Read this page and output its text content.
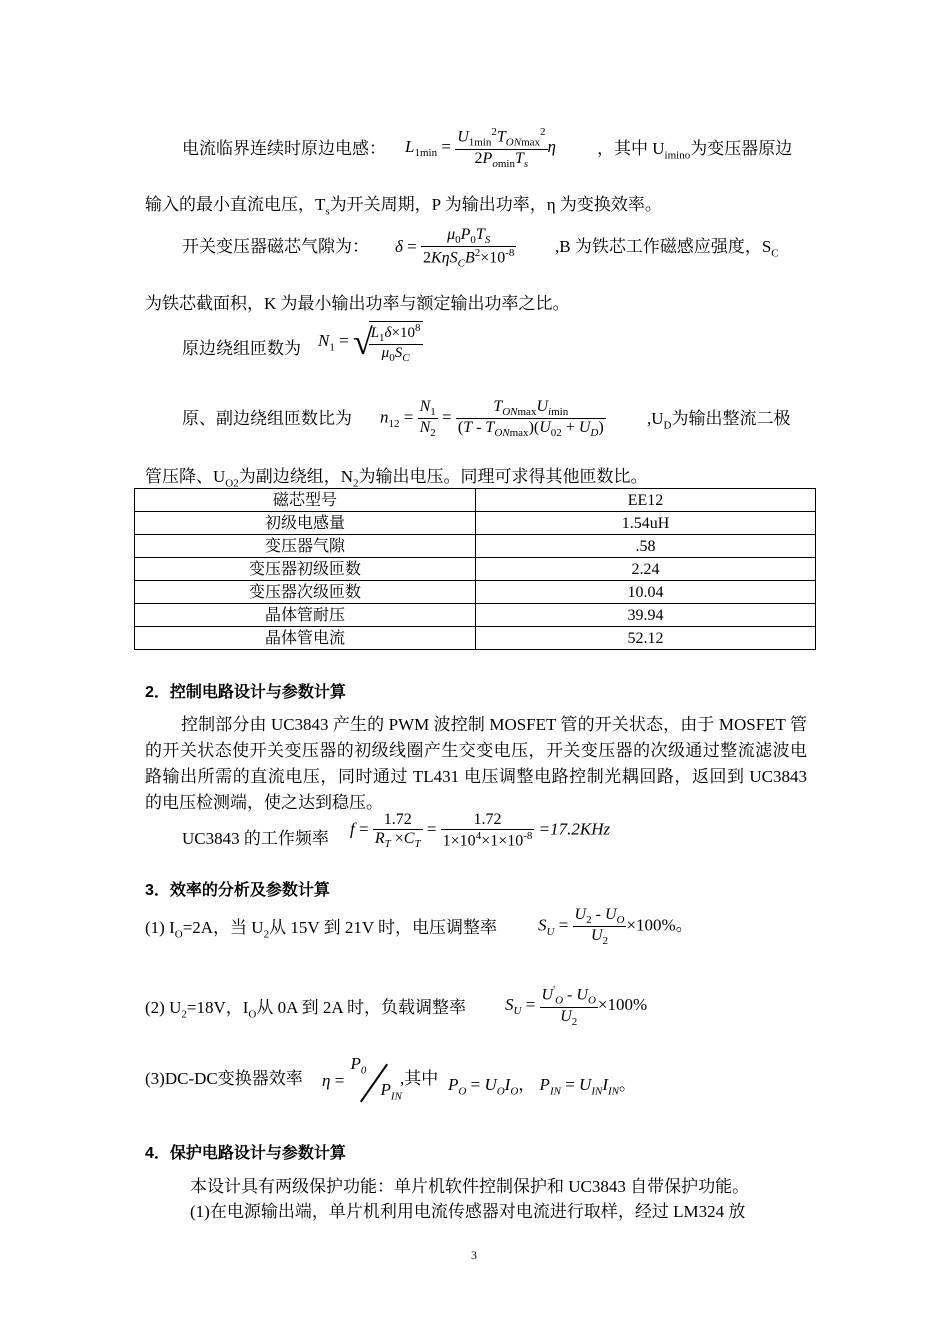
电流临界连续时原边电感： $L_{1min} = \frac{U_{1min}^2T_{ONmax}^2}{2P_{omin}T_s}$ η ，其中 $U_{imino}$为变压器原边
输入的最小直流电压，$T_s$为开关周期，P 为输出功率，η 为变换效率。
开关变压器磁芯气隙为： $\delta = \frac{\mu_0P_0T_S}{2K\eta S_CB^2\times 10^{-8}} ,B$ 为铁芯工作磁感应强度，$S_C$
为铁芯截面积，K 为最小输出功率与额定输出功率之比。
原边绕组匝数为 $N_1$ = √
$\frac{L_1\delta\times 10^8}{\mu_0S_C}$
原、副边绕组匝数比为 $n_{12} = \frac{N_1}{N_2} = \frac{T_{ONmax}U_{imin}}{(T - T_{ONmax})(U_{02} + U_D)} ,U_D$为输出整流二极
管压降、$U_{O2}$为副边绕组，$N_2$为输出电压。同理可求得其他匝数比。
磁芯型号	EE12
初级电感量	1.54uH
变压器气隙	.58
变压器初级匝数	2.24
变压器次级匝数	10.04
晶体管耐压	39.94
晶体管电流	52.12
2．控制电路设计与参数计算
控制部分由 UC3843 产生的 PWM 波控制 MOSFET 管的开关状态，由于 MOSFET 管的开关状态使开关变压器的初级线圈产生交变电压，开关变压器的次级通过整流滤波电路输出所需的直流电压，同时通过 TL431 电压调整电路控制光耦回路，返回到 UC3843 的电压检测端，使之达到稳压。
UC3843 的工作频率 $f = \frac{1.72}{R_T \times C_T} = \frac{1.72}{1\times 10^4\times 1\times 10^{-8}} =17.2KHz$
3．效率的分析及参数计算
(1) $I_O=2A$，当 $U_2$从 15V 到 21V 时，电压调整率 $S_U = \frac{U_2 - U_O}{U_2} \times 100\%$。
(2) $U_2=18V$，$I_O$从 0A 到 2A 时，负载调整率 $S_U = \frac{U'_O - U_O}{U_2} \times 100\%$
(3)DC-DC变换器效率 η =
$P_0$
$P_{IN}$
,其中 $P_O = U_OI_O$， $P_{IN} = U_{IN}I_{IN}$。
4．保护电路设计与参数计算
本设计具有两级保护功能：单片机软件控制保护和 UC3843 自带保护功能。
(1)在电源输出端，单片机利用电流传感器对电流进行取样，经过 LM324 放
3
